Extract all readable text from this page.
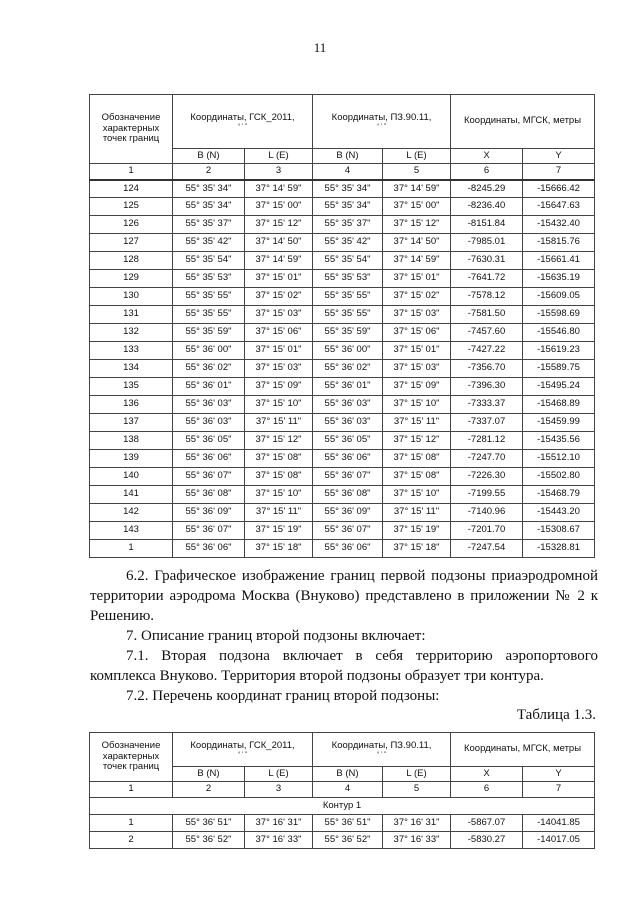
11
Обозначение характерных точек границ	Координаты, ГСК_2011,
° ' "		Координаты, ПЗ.90.11,
° ' "		Координаты, МГСК, метры	
	B (N)	L (E)	B (N)	L (E)	X	Y
1	2	3	4	5	6	7
124	55° 35' 34"	37° 14' 59"	55° 35' 34"	37° 14' 59"	-8245.29	-15666.42
125	55° 35' 34"	37° 15' 00"	55° 35' 34"	37° 15' 00"	-8236.40	-15647.63
126	55° 35' 37"	37° 15' 12"	55° 35' 37"	37° 15' 12"	-8151.84	-15432.40
127	55° 35' 42"	37° 14' 50"	55° 35' 42"	37° 14' 50"	-7985.01	-15815.76
128	55° 35' 54"	37° 14' 59"	55° 35' 54"	37° 14' 59"	-7630.31	-15661.41
129	55° 35' 53"	37° 15' 01"	55° 35' 53"	37° 15' 01"	-7641.72	-15635.19
130	55° 35' 55"	37° 15' 02"	55° 35' 55"	37° 15' 02"	-7578.12	-15609.05
131	55° 35' 55"	37° 15' 03"	55° 35' 55"	37° 15' 03"	-7581.50	-15598.69
132	55° 35' 59"	37° 15' 06"	55° 35' 59"	37° 15' 06"	-7457.60	-15546.80
133	55° 36' 00"	37° 15' 01"	55° 36' 00"	37° 15' 01"	-7427.22	-15619.23
134	55° 36' 02"	37° 15' 03"	55° 36' 02"	37° 15' 03"	-7356.70	-15589.75
135	55° 36' 01"	37° 15' 09"	55° 36' 01"	37° 15' 09"	-7396.30	-15495.24
136	55° 36' 03"	37° 15' 10"	55° 36' 03"	37° 15' 10"	-7333.37	-15468.89
137	55° 36' 03"	37° 15' 11"	55° 36' 03"	37° 15' 11"	-7337.07	-15459.99
138	55° 36' 05"	37° 15' 12"	55° 36' 05"	37° 15' 12"	-7281.12	-15435.56
139	55° 36' 06"	37° 15' 08"	55° 36' 06"	37° 15' 08"	-7247.70	-15512.10
140	55° 36' 07"	37° 15' 08"	55° 36' 07"	37° 15' 08"	-7226.30	-15502.80
141	55° 36' 08"	37° 15' 10"	55° 36' 08"	37° 15' 10"	-7199.55	-15468.79
142	55° 36' 09"	37° 15' 11"	55° 36' 09"	37° 15' 11"	-7140.96	-15443.20
143	55° 36' 07"	37° 15' 19"	55° 36' 07"	37° 15' 19"	-7201.70	-15308.67
1	55° 36' 06"	37° 15' 18"	55° 36' 06"	37° 15' 18"	-7247.54	-15328.81

6.2. Графическое изображение границ первой подзоны приаэродромной территории аэродрома Москва (Внуково) представлено в приложении № 2 к Решению.

7. Описание границ второй подзоны включает:

7.1. Вторая подзона включает в себя территорию аэропортового комплекса Внуково. Территория второй подзоны образует три контура.

7.2. Перечень координат границ второй подзоны:

Таблица 1.3.
Обозначение характерных точек границ	Координаты, ГСК_2011,
° ' "		Координаты, ПЗ.90.11,
° ' "		Координаты, МГСК, метры	
	B (N)	L (E)	B (N)	L (E)	X	Y
1	2	3	4	5	6	7
Контур 1						
1	55° 36' 51"	37° 16' 31"	55° 36' 51"	37° 16' 31"	-5867.07	-14041.85
2	55° 36' 52"	37° 16' 33"	55° 36' 52"	37° 16' 33"	-5830.27	-14017.05
